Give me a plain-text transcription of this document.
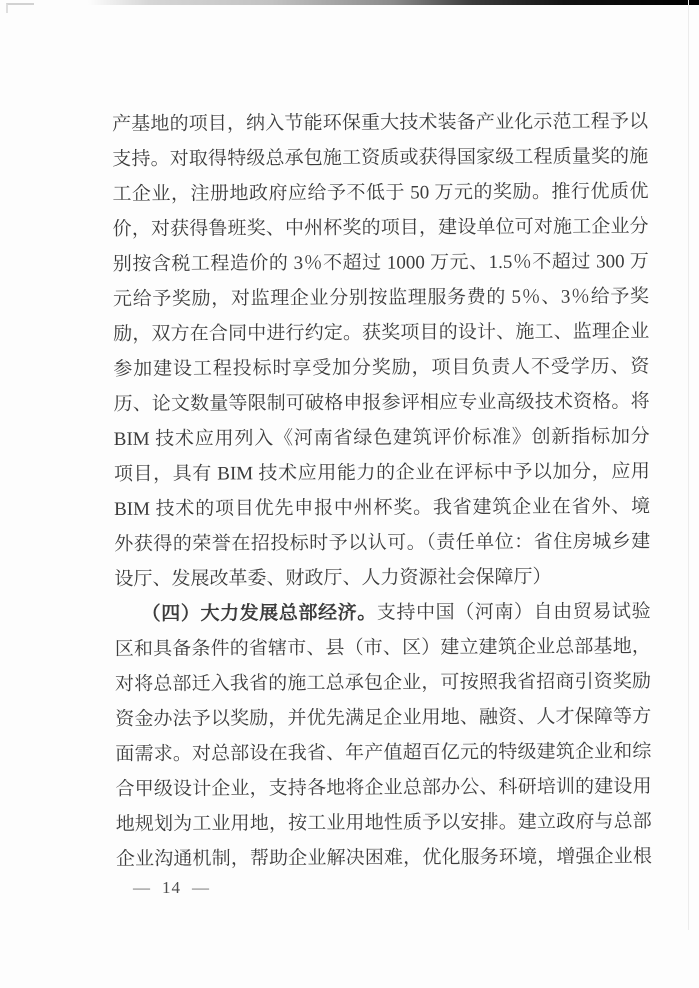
产基地的项目，纳入节能环保重大技术装备产业化示范工程予以
支持。对取得特级总承包施工资质或获得国家级工程质量奖的施
工企业，注册地政府应给予不低于 50 万元的奖励。推行优质优
价，对获得鲁班奖、中州杯奖的项目，建设单位可对施工企业分
别按含税工程造价的 3％不超过 1000 万元、1.5％不超过 300 万
元给予奖励，对监理企业分别按监理服务费的 5％、3％给予奖
励，双方在合同中进行约定。获奖项目的设计、施工、监理企业
参加建设工程投标时享受加分奖励，项目负责人不受学历、资
历、论文数量等限制可破格申报参评相应专业高级技术资格。将
BIM 技术应用列入《河南省绿色建筑评价标准》创新指标加分
项目，具有 BIM 技术应用能力的企业在评标中予以加分，应用
BIM 技术的项目优先申报中州杯奖。我省建筑企业在省外、境
外获得的荣誉在招投标时予以认可。（责任单位：省住房城乡建
设厅、发展改革委、财政厅、人力资源社会保障厅）
（四）大力发展总部经济。支持中国（河南）自由贸易试验
区和具备条件的省辖市、县（市、区）建立建筑企业总部基地，
对将总部迁入我省的施工总承包企业，可按照我省招商引资奖励
资金办法予以奖励，并优先满足企业用地、融资、人才保障等方
面需求。对总部设在我省、年产值超百亿元的特级建筑企业和综
合甲级设计企业，支持各地将企业总部办公、科研培训的建设用
地规划为工业用地，按工业用地性质予以安排。建立政府与总部
企业沟通机制，帮助企业解决困难，优化服务环境，增强企业根
— 14 —
